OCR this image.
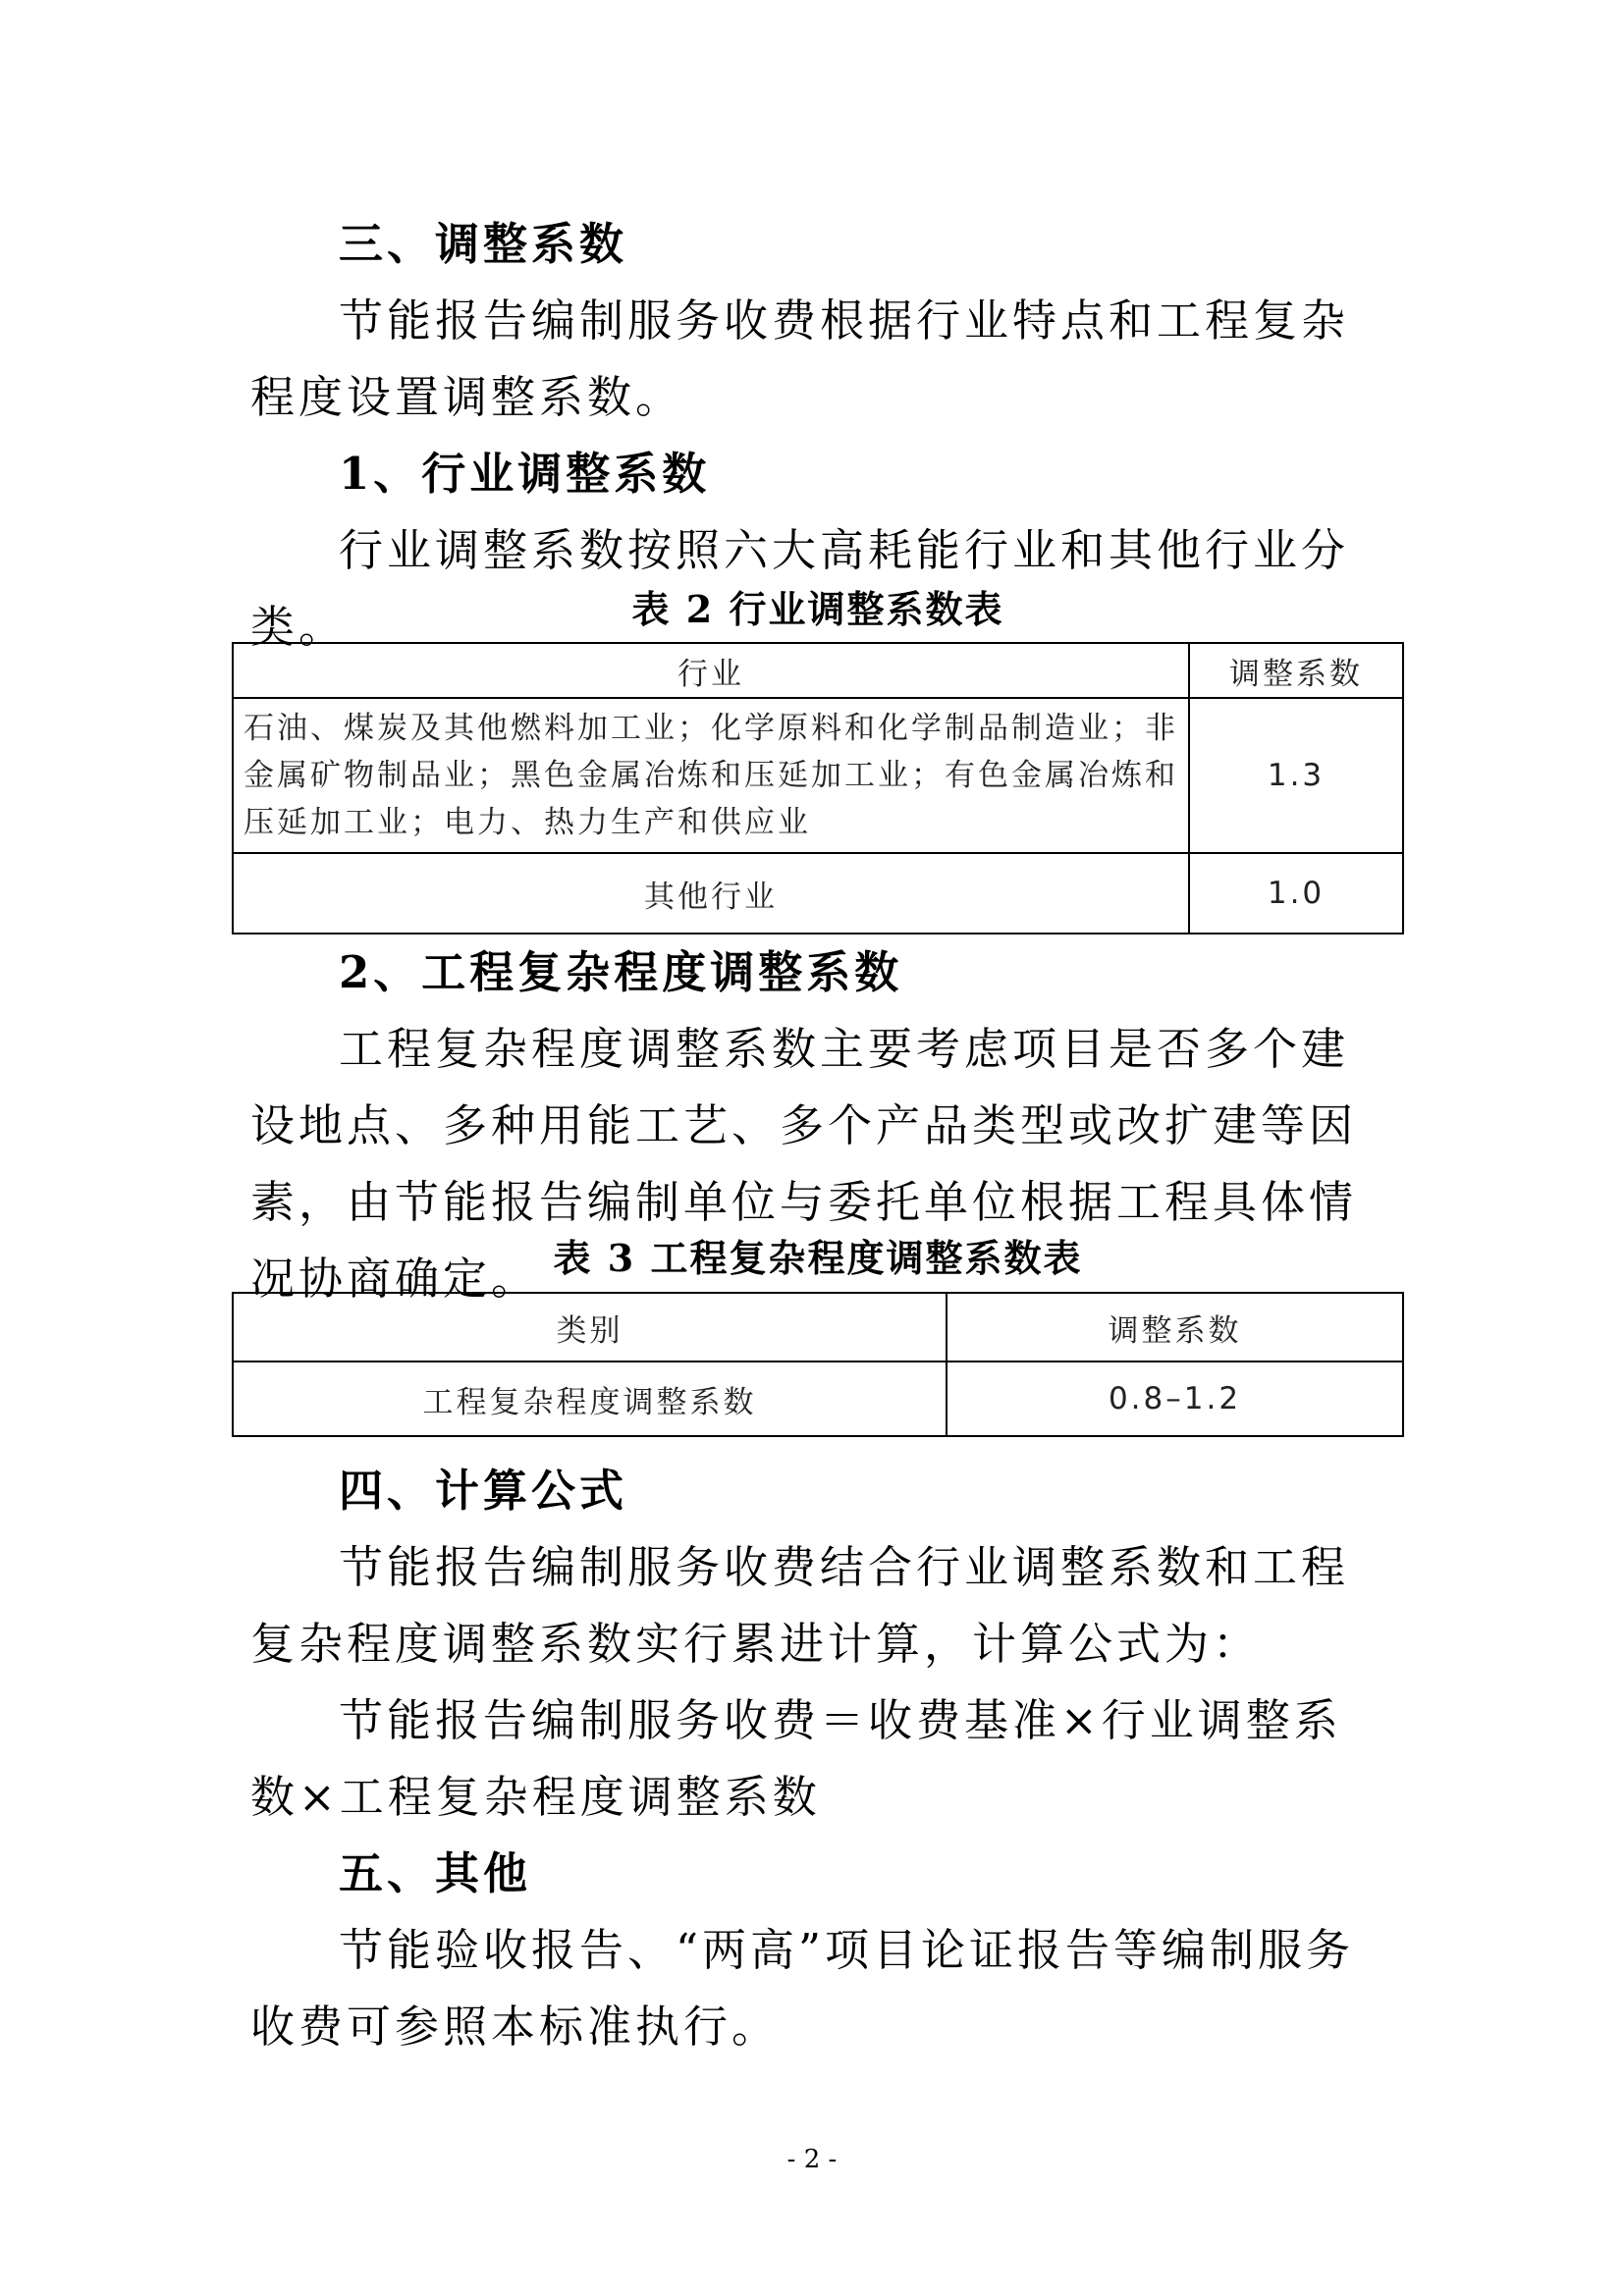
三、调整系数

节能报告编制服务收费根据行业特点和工程复杂程度设置调整系数。

1、行业调整系数

行业调整系数按照六大高耗能行业和其他行业分类。	表 2 行业调整系数表
行业	调整系数
石油、煤炭及其他燃料加工业；化学原料和化学制品制造业；非金属矿物制品业；黑色金属冶炼和压延加工业；有色金属冶炼和压延加工业；电力、热力生产和供应业	1.3
其他行业	1.0

2、工程复杂程度调整系数

工程复杂程度调整系数主要考虑项目是否多个建设地点、多种用能工艺、多个产品类型或改扩建等因素，由节能报告编制单位与委托单位根据工程具体情况协商确定。 表 3 工程复杂程度调整系数表
类别	调整系数
工程复杂程度调整系数	0.8–1.2

四、计算公式

节能报告编制服务收费结合行业调整系数和工程复杂程度调整系数实行累进计算，计算公式为：

节能报告编制服务收费＝收费基准×行业调整系数×工程复杂程度调整系数

五、其他

节能验收报告、“两高”项目论证报告等编制服务收费可参照本标准执行。

- 2 -
